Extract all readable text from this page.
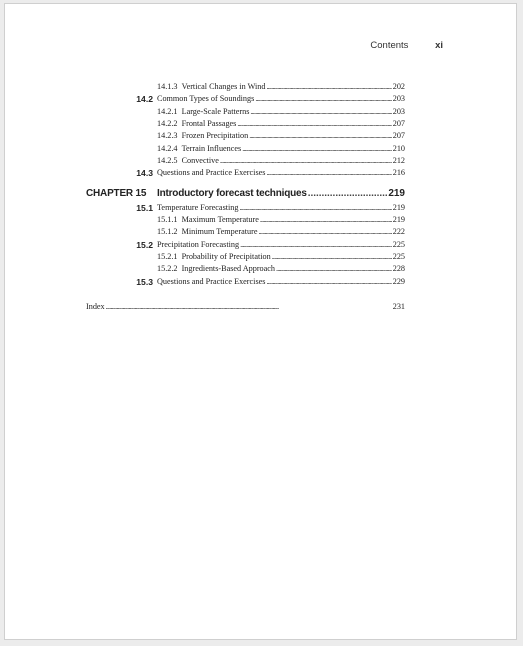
Contents	xi
14.1.3 Vertical Changes in Wind . . .	202
14.2 Common Types of Soundings . . .	203
14.2.1 Large-Scale Patterns . . .	203
14.2.2 Frontal Passages . . .	207
14.2.3 Frozen Precipitation . . .	207
14.2.4 Terrain Influences . . .	210
14.2.5 Convective . . .	212
14.3 Questions and Practice Exercises . . .	216
CHAPTER 15 Introductory forecast techniques . . .	219
15.1 Temperature Forecasting . . .	219
15.1.1 Maximum Temperature . . .	219
15.1.2 Minimum Temperature . . .	222
15.2 Precipitation Forecasting . . .	225
15.2.1 Probability of Precipitation . . .	225
15.2.2 Ingredients-Based Approach . . .	228
15.3 Questions and Practice Exercises . . .	229
Index . . .	231
